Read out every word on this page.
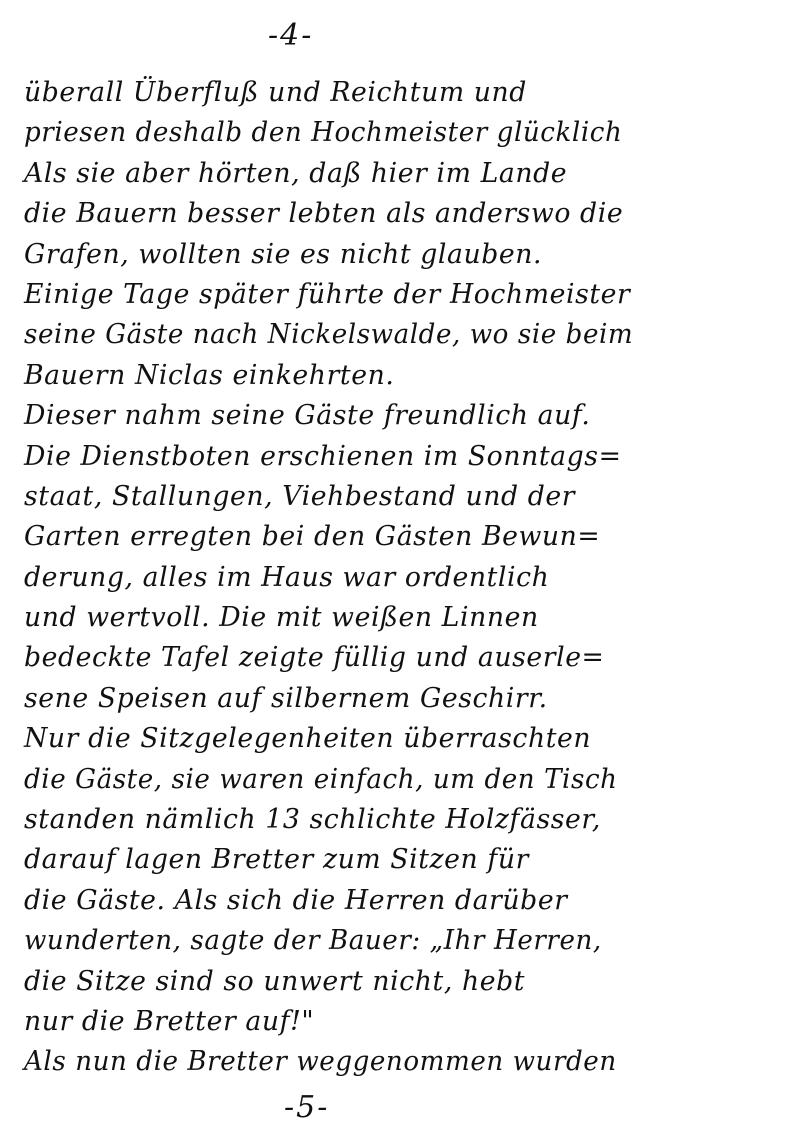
-4-
überall Überfluß und Reichtum und
priesen deshalb den Hochmeister glücklich
Als sie aber hörten, daß hier im Lande
die Bauern besser lebten als anderswo die
Grafen, wollten sie es nicht glauben.
Einige Tage später führte der Hochmeister
seine Gäste nach Nickelswalde, wo sie beim
Bauern Niclas einkehrten.
Dieser nahm seine Gäste freundlich auf.
Die Dienstboten erschienen im Sonntags=
staat, Stallungen, Viehbestand und der
Garten erregten bei den Gästen Bewun=
derung, alles im Haus war ordentlich
und wertvoll. Die mit weißen Linnen
bedeckte Tafel zeigte füllig und auserle=
sene Speisen auf silbernem Geschirr.
Nur die Sitzgelegenheiten überraschten
die Gäste, sie waren einfach, um den Tisch
standen nämlich 13 schlichte Holzfässer,
darauf lagen Bretter zum Sitzen für
die Gäste. Als sich die Herren darüber
wunderten, sagte der Bauer: „Ihr Herren,
die Sitze sind so unwert nicht, hebt
nur die Bretter auf!"
Als nun die Bretter weggenommen wurden
-5-
